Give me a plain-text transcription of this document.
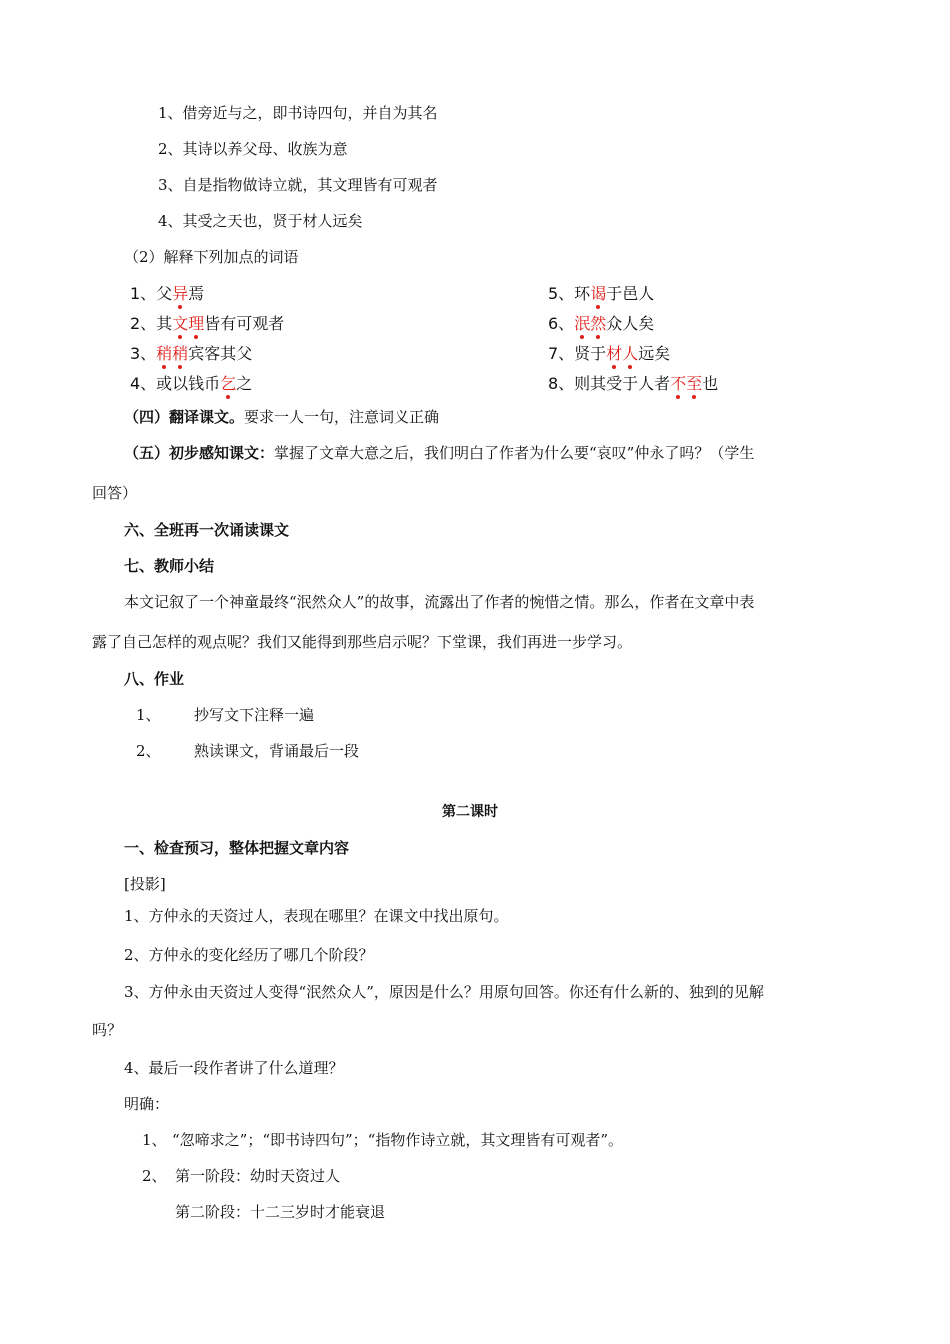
1、借旁近与之，即书诗四句，并自为其名
2、其诗以养父母、收族为意
3、自是指物做诗立就，其文理皆有可观者
4、其受之天也，贤于材人远矣
（2）解释下列加点的词语
1、父异
焉
2、其文理
皆有可观者
3、稍稍
宾客其父
4、或以钱币乞
之
5、环谒
于邑人
6、泯然
众人矣
7、贤于材人
远矣
8、则其受于人者不至
也
（四）翻译课文。要求一人一句，注意词义正确
（五）初步感知课文：掌握了文章大意之后，我们明白了作者为什么要“哀叹”仲永了吗？（学生
回答）
六、全班再一次诵读课文
七、教师小结
本文记叙了一个神童最终“泯然众人”的故事，流露出了作者的惋惜之情。那么，作者在文章中表
露了自己怎样的观点呢？我们又能得到那些启示呢？下堂课，我们再进一步学习。
八、作业
1、 抄写文下注释一遍
2、 熟读课文，背诵最后一段
第二课时
一、检查预习，整体把握文章内容
[投影]
1、方仲永的天资过人，表现在哪里？在课文中找出原句。
2、方仲永的变化经历了哪几个阶段？
3、方仲永由天资过人变得“泯然众人”，原因是什么？用原句回答。你还有什么新的、独到的见解
吗？
4、最后一段作者讲了什么道理？
明确：
1、 “忽啼求之”；“即书诗四句”；“指物作诗立就，其文理皆有可观者”。
2、 第一阶段：幼时天资过人
第二阶段：十二三岁时才能衰退
